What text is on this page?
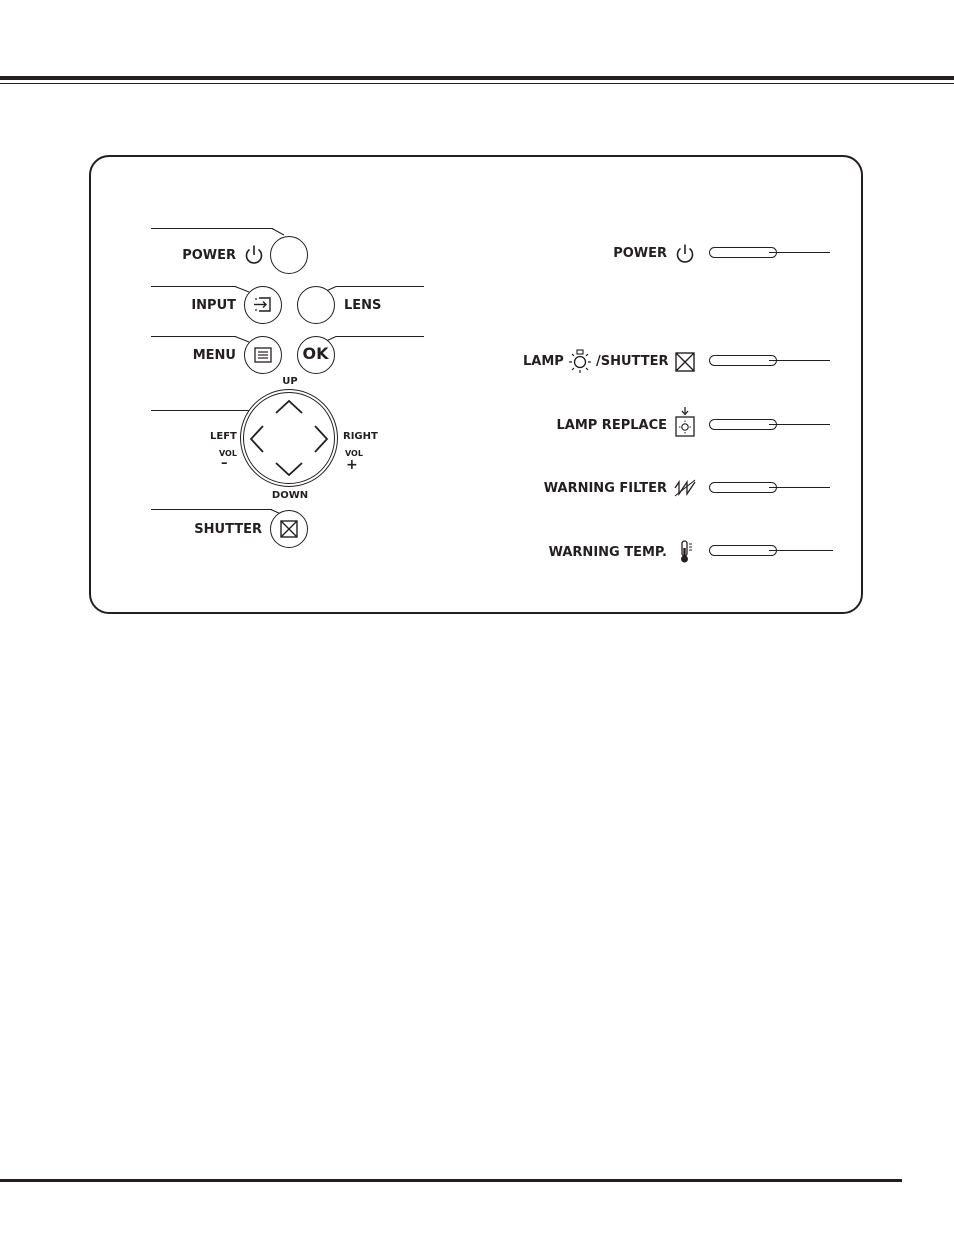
POWER
INPUT	LENS
MENU	OK
UP
DOWN
LEFT
VOL
–
RIGHT
VOL
+
SHUTTER
POWER
LAMP /SHUTTER
LAMP REPLACE
WARNING FILTER
WARNING TEMP.
